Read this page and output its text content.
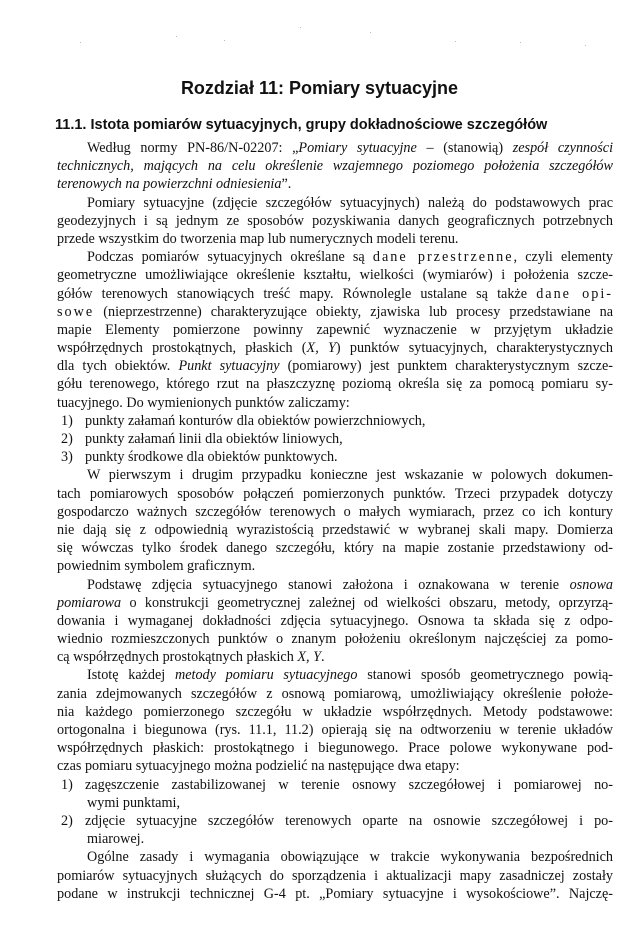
Rozdział 11: Pomiary sytuacyjne
11.1. Istota pomiarów sytuacyjnych, grupy dokładnościowe szczegółów
Według normy PN-86/N-02207: „Pomiary sytuacyjne – (stanowią) zespół czynności
technicznych, mających na celu określenie wzajemnego poziomego położenia szczegółów
terenowych na powierzchni odniesienia”.
Pomiary sytuacyjne (zdjęcie szczegółów sytuacyjnych) należą do podstawowych prac
geodezyjnych i są jednym ze sposobów pozyskiwania danych geograficznych potrzebnych
przede wszystkim do tworzenia map lub numerycznych modeli terenu.
Podczas pomiarów sytuacyjnych określane są dane przestrzenne, czyli elementy
geometryczne umożliwiające określenie kształtu, wielkości (wymiarów) i położenia szcze-
gółów terenowych stanowiących treść mapy. Równolegle ustalane są także dane opi-
sowe (nieprzestrzenne) charakteryzujące obiekty, zjawiska lub procesy przedstawiane na
mapie Elementy pomierzone powinny zapewnić wyznaczenie w przyjętym układzie
współrzędnych prostokątnych, płaskich (X, Y) punktów sytuacyjnych, charakterystycznych
dla tych obiektów. Punkt sytuacyjny (pomiarowy) jest punktem charakterystycznym szcze-
gółu terenowego, którego rzut na płaszczyznę poziomą określa się za pomocą pomiaru sy-
tuacyjnego. Do wymienionych punktów zaliczamy:
1) punkty załamań konturów dla obiektów powierzchniowych,
2) punkty załamań linii dla obiektów liniowych,
3) punkty środkowe dla obiektów punktowych.
W pierwszym i drugim przypadku konieczne jest wskazanie w polowych dokumen-
tach pomiarowych sposobów połączeń pomierzonych punktów. Trzeci przypadek dotyczy
gospodarczo ważnych szczegółów terenowych o małych wymiarach, przez co ich kontury
nie dają się z odpowiednią wyrazistością przedstawić w wybranej skali mapy. Domierza
się wówczas tylko środek danego szczegółu, który na mapie zostanie przedstawiony od-
powiednim symbolem graficznym.
Podstawę zdjęcia sytuacyjnego stanowi założona i oznakowana w terenie osnowa
pomiarowa o konstrukcji geometrycznej zależnej od wielkości obszaru, metody, oprzyrzą-
dowania i wymaganej dokładności zdjęcia sytuacyjnego. Osnowa ta składa się z odpo-
wiednio rozmieszczonych punktów o znanym położeniu określonym najczęściej za pomo-
cą współrzędnych prostokątnych płaskich X, Y.
Istotę każdej metody pomiaru sytuacyjnego stanowi sposób geometrycznego powią-
zania zdejmowanych szczegółów z osnową pomiarową, umożliwiający określenie położe-
nia każdego pomierzonego szczegółu w układzie współrzędnych. Metody podstawowe:
ortogonalna i biegunowa (rys. 11.1, 11.2) opierają się na odtworzeniu w terenie układów
współrzędnych płaskich: prostokątnego i biegunowego. Prace polowe wykonywane pod-
czas pomiaru sytuacyjnego można podzielić na następujące dwa etapy:
1) zagęszczenie zastabilizowanej w terenie osnowy szczegółowej i pomiarowej no-
wymi punktami,
2) zdjęcie sytuacyjne szczegółów terenowych oparte na osnowie szczegółowej i po-
miarowej.
Ogólne zasady i wymagania obowiązujące w trakcie wykonywania bezpośrednich
pomiarów sytuacyjnych służących do sporządzenia i aktualizacji mapy zasadniczej zostały
podane w instrukcji technicznej G-4 pt. „Pomiary sytuacyjne i wysokościowe”. Najczę-
